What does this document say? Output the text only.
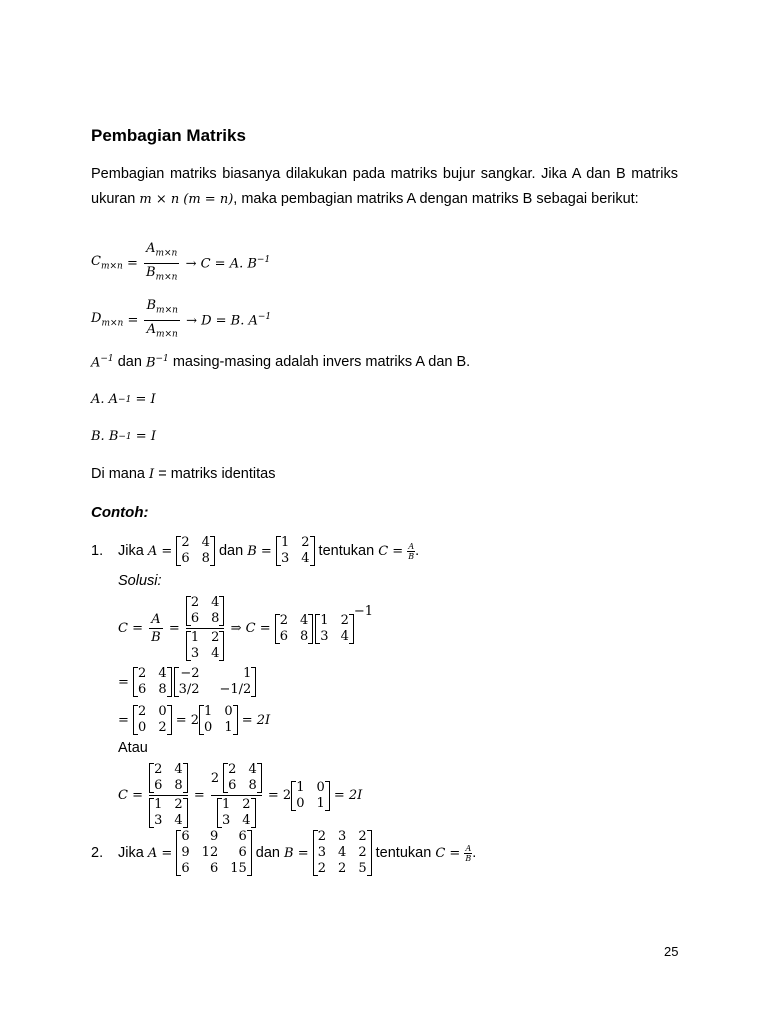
Pembagian Matriks
Pembagian matriks biasanya dilakukan pada matriks bujur sangkar. Jika A dan B matriks ukuran m × n (m = n), maka pembagian matriks A dengan matriks B sebagai berikut:
$C_{m\times n} = \frac{A_{m\times n}}{B_{m\times n}} \to C = A$. $B^{-1}$
$D_{m\times n} = \frac{B_{m\times n}}{A_{m\times n}} \to D = B$. $A^{-1}$
$A^{-1}$
dan
$B^{-1}$
masing-masing adalah invers matriks A dan B.
A. A −1
= I
B. B −1
= I
Di mana
I
= matriks identitas
Contoh:
1.	Jika
A =
2 4
6 8
dan
B =
1 2
3 4
tentukan
$C = \frac{A}{B}$ .
Solusi:
$C = \frac{A}{B} = 2$ 4
6 8
1 2
3 4 ⇒ C =
2 4
6 8
1 2
3 4
−1
=
2 4
6 8
−2	1
3/2 −1/2
=
2 0
0 2 = 2
1 0
0 1 = 2I
Atau
C = 2 4
6 8
1 2
3 4 = 2
2 4
6 8
1 2
3 4 = 2
1 0
0 1 = 2I
2.	Jika
A =
6	9	6
9 12	6
6	6 15

dan
B =
2 3 2
3 4 2
2 2 5

tentukan
$C = \frac{A}{B}$ .
25
